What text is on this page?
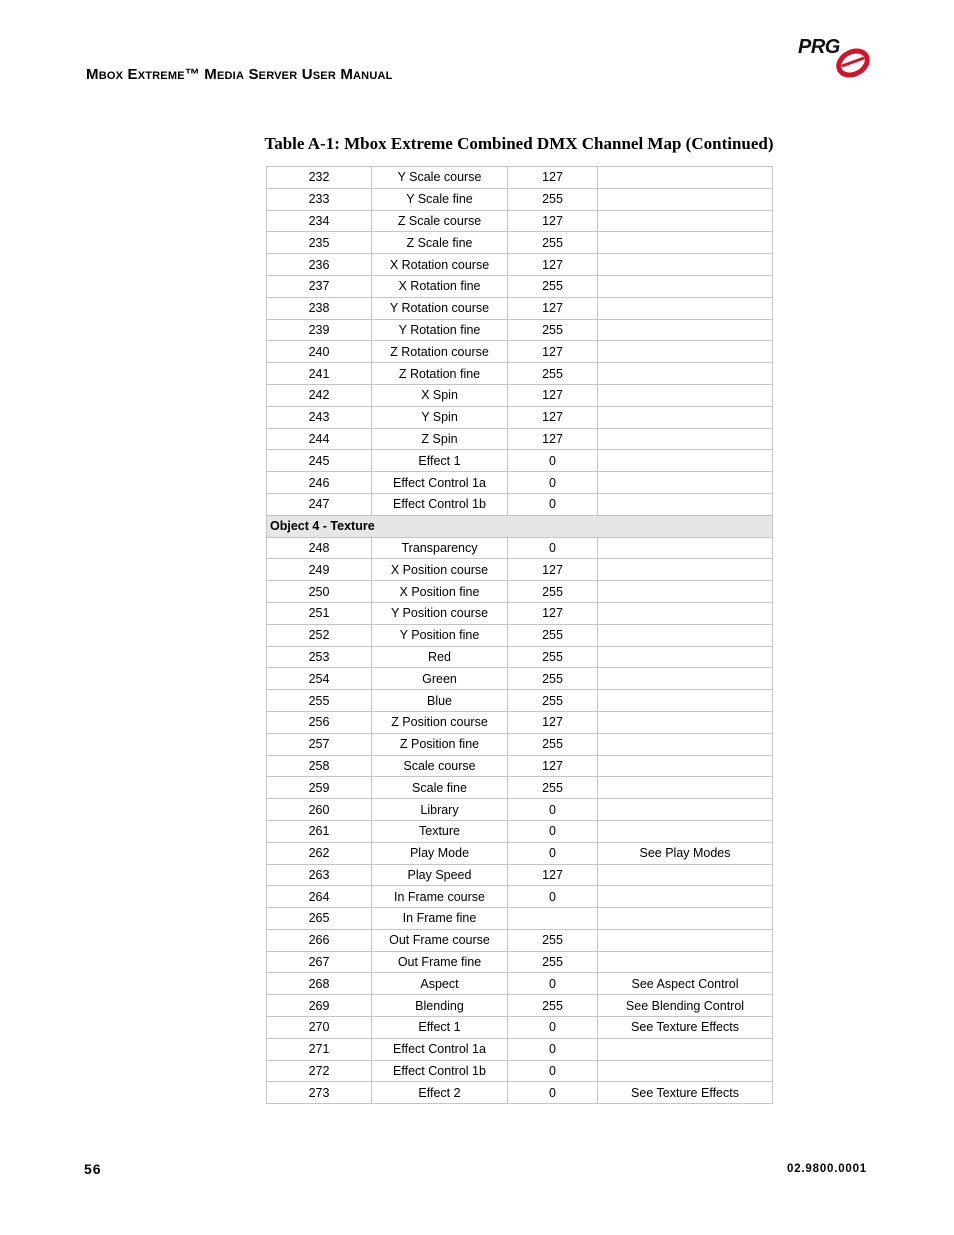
Mbox Extreme™ Media Server User Manual
PRG
Table A-1: Mbox Extreme Combined DMX Channel Map (Continued)
232	Y Scale course	127	
233	Y Scale fine	255	
234	Z Scale course	127	
235	Z Scale fine	255	
236	X Rotation course	127	
237	X Rotation fine	255	
238	Y Rotation course	127	
239	Y Rotation fine	255	
240	Z Rotation course	127	
241	Z Rotation fine	255	
242	X Spin	127	
243	Y Spin	127	
244	Z Spin	127	
245	Effect 1	0	
246	Effect Control 1a	0	
247	Effect Control 1b	0	
Object 4 - Texture			
248	Transparency	0	
249	X Position course	127	
250	X Position fine	255	
251	Y Position course	127	
252	Y Position fine	255	
253	Red	255	
254	Green	255	
255	Blue	255	
256	Z Position course	127	
257	Z Position fine	255	
258	Scale course	127	
259	Scale fine	255	
260	Library	0	
261	Texture	0	
262	Play Mode	0	See Play Modes
263	Play Speed	127	
264	In Frame course	0	
265	In Frame fine		
266	Out Frame course	255	
267	Out Frame fine	255	
268	Aspect	0	See Aspect Control
269	Blending	255	See Blending Control
270	Effect 1	0	See Texture Effects
271	Effect Control 1a	0	
272	Effect Control 1b	0	
273	Effect 2	0	See Texture Effects
56	02.9800.0001
